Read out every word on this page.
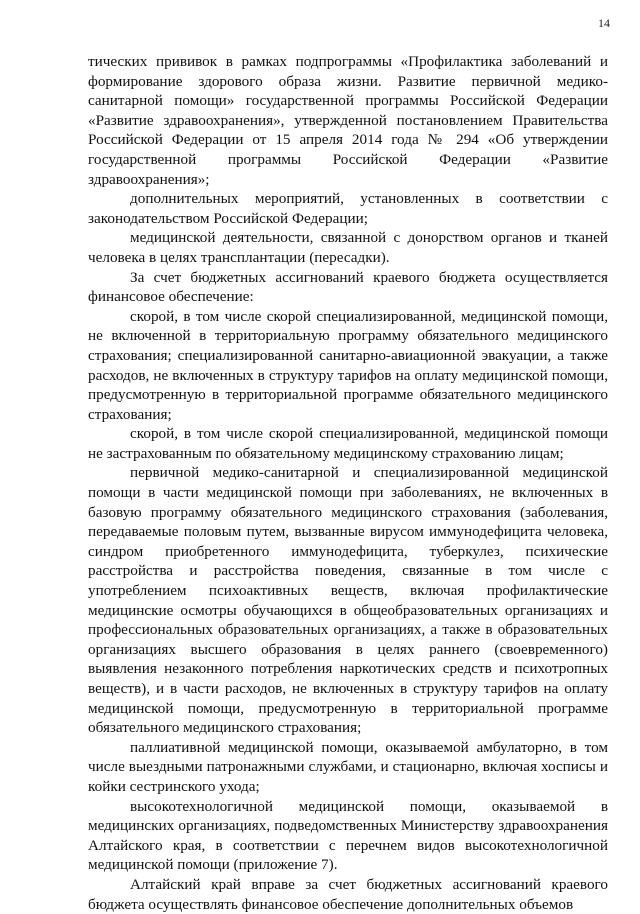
14

тических прививок в рамках подпрограммы «Профилактика заболеваний и формирование здорового образа жизни. Развитие первичной медико-санитарной помощи» государственной программы Российской Федерации «Развитие здравоохранения», утвержденной постановлением Правительства Российской Федерации от 15 апреля 2014 года № 294 «Об утверждении государственной программы Российской Федерации «Развитие здравоохранения»;

дополнительных мероприятий, установленных в соответствии с законодательством Российской Федерации;

медицинской деятельности, связанной с донорством органов и тканей человека в целях трансплантации (пересадки).

За счет бюджетных ассигнований краевого бюджета осуществляется финансовое обеспечение:

скорой, в том числе скорой специализированной, медицинской помощи, не включенной в территориальную программу обязательного медицинского страхования; специализированной санитарно-авиационной эвакуации, а также расходов, не включенных в структуру тарифов на оплату медицинской помощи, предусмотренную в территориальной программе обязательного медицинского страхования;

скорой, в том числе скорой специализированной, медицинской помощи не застрахованным по обязательному медицинскому страхованию лицам;

первичной медико-санитарной и специализированной медицинской помощи в части медицинской помощи при заболеваниях, не включенных в базовую программу обязательного медицинского страхования (заболевания, передаваемые половым путем, вызванные вирусом иммунодефицита человека, синдром приобретенного иммунодефицита, туберкулез, психические расстройства и расстройства поведения, связанные в том числе с употреблением психоактивных веществ, включая профилактические медицинские осмотры обучающихся в общеобразовательных организациях и профессиональных образовательных организациях, а также в образовательных организациях высшего образования в целях раннего (своевременного) выявления незаконного потребления наркотических средств и психотропных веществ), и в части расходов, не включенных в структуру тарифов на оплату медицинской помощи, предусмотренную в территориальной программе обязательного медицинского страхования;

паллиативной медицинской помощи, оказываемой амбулаторно, в том числе выездными патронажными службами, и стационарно, включая хосписы и койки сестринского ухода;

высокотехнологичной медицинской помощи, оказываемой в медицинских организациях, подведомственных Министерству здравоохранения Алтайского края, в соответствии с перечнем видов высокотехнологичной медицинской помощи (приложение 7).

Алтайский край вправе за счет бюджетных ассигнований краевого бюджета осуществлять финансовое обеспечение дополнительных объемов
